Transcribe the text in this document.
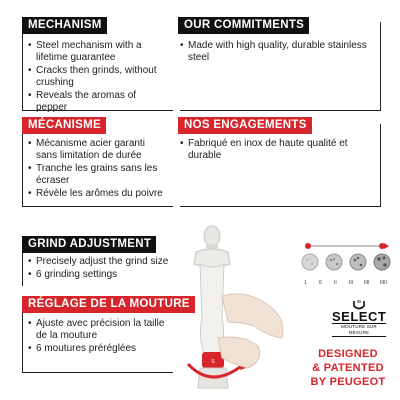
MECHANISM
• Steel mechanism with a lifetime guarantee
• Cracks then grinds, without crushing
• Reveals the aromas of pepper
OUR COMMITMENTS
• Made with high quality, durable stainless steel
MÉCANISME
• Mécanisme acier garanti sans limitation de durée
• Tranche les grains sans les écraser
• Révèle les arômes du poivre
NOS ENGAGEMENTS
• Fabriqué en inox de haute qualité et durable
GRIND ADJUSTMENT
• Precisely adjust the grind size
• 6 grinding settings
RÉGLAGE DE LA MOUTURE
• Ajuste avec précision la taille de la mouture
• 6 moutures préréglées
S
1 6 II III IIII IIIII
SELECT
MOUTURE SUR MESURE
DESIGNED
& PATENTED
BY PEUGEOT
